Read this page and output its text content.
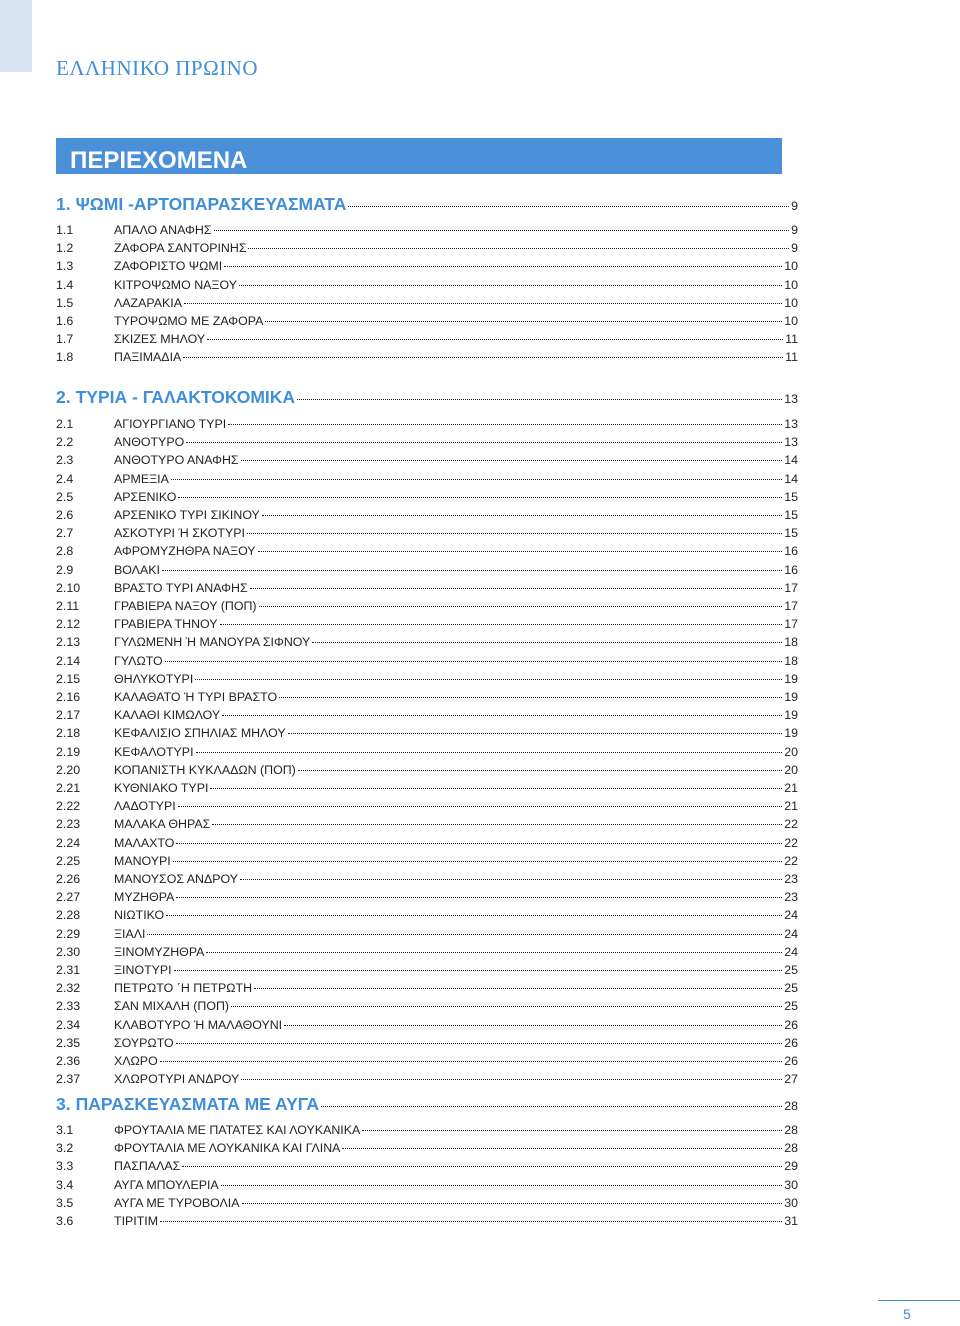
ΕΛΛΗΝΙΚΟ ΠΡΩΙΝΟ
ΠΕΡΙΕΧΟΜΕΝΑ
1. ΨΩΜΙ -ΑΡΤΟΠΑΡΑΣΚΕΥΑΣΜΑΤΑ	9
1.1	ΑΠΑΛΟ ΑΝΑΦΗΣ	9
1.2	ΖΑΦΟΡΑ ΣΑΝΤΟΡΙΝΗΣ	9
1.3	ΖΑΦΟΡΙΣΤΟ ΨΩΜΙ	10
1.4	ΚΙΤΡΟΨΩΜΟ ΝΑΞΟΥ	10
1.5	ΛΑΖΑΡΑΚΙΑ	10
1.6	ΤΥΡΟΨΩΜΟ ΜΕ ΖΑΦΟΡΑ	10
1.7	ΣΚΙΖΕΣ ΜΗΛΟΥ	11
1.8	ΠΑΞΙΜΑΔΙΑ	11
2. ΤΥΡΙΑ - ΓΑΛΑΚΤΟΚΟΜΙΚΑ	13
2.1	ΑΓΙΟΥΡΓΙΑΝΟ ΤΥΡΙ	13
2.2	ΑΝΘΟΤΥΡΟ	13
2.3	ΑΝΘΟΤΥΡΟ ΑΝΑΦΗΣ	14
2.4	ΑΡΜΕΞΙΑ	14
2.5	ΑΡΣΕΝΙΚΟ	15
2.6	ΑΡΣΕΝΙΚΟ ΤΥΡΙ ΣΙΚΙΝΟΥ	15
2.7	ΑΣΚΟΤΥΡΙ Ή ΣΚΟΤΥΡΙ	15
2.8	ΑΦΡΟΜΥΖΗΘΡΑ ΝΑΞΟΥ	16
2.9	ΒΟΛΑΚΙ	16
2.10	ΒΡΑΣΤΟ ΤΥΡΙ ΑΝΑΦΗΣ	17
2.11	ΓΡΑΒΙΕΡΑ ΝΑΞΟΥ (ΠΟΠ)	17
2.12	ΓΡΑΒΙΕΡΑ ΤΗΝΟΥ	17
2.13	ΓΥΛΩΜΕΝΗ Ή ΜΑΝΟΥΡΑ ΣΙΦΝΟΥ	18
2.14	ΓΥΛΩΤΟ	18
2.15	ΘΗΛΥΚΟΤΥΡΙ	19
2.16	ΚΑΛΑΘΑΤΟ Ή ΤΥΡΙ ΒΡΑΣΤΟ	19
2.17	ΚΑΛΑΘΙ ΚΙΜΩΛΟΥ	19
2.18	ΚΕΦΑΛΙΣΙΟ ΣΠΗΛΙΑΣ ΜΗΛΟΥ	19
2.19	ΚΕΦΑΛΟΤΥΡΙ	20
2.20	ΚΟΠΑΝΙΣΤΗ ΚΥΚΛΑΔΩΝ (ΠΟΠ)	20
2.21	ΚΥΘΝΙΑΚΟ ΤΥΡΙ	21
2.22	ΛΑΔΟΤΥΡΙ	21
2.23	ΜΑΛΑΚΑ ΘΗΡΑΣ	22
2.24	ΜΑΛΑΧΤΟ	22
2.25	ΜΑΝΟΥΡΙ	22
2.26	ΜΑΝΟΥΣΟΣ ΑΝΔΡΟΥ	23
2.27	ΜΥΖΗΘΡΑ	23
2.28	ΝΙΩΤΙΚΟ	24
2.29	ΞΙΑΛΙ	24
2.30	ΞΙΝΟΜΥΖΗΘΡΑ	24
2.31	ΞΙΝΟΤΥΡΙ	25
2.32	ΠΕΤΡΩΤΟ ΄Η ΠΕΤΡΩΤΗ	25
2.33	ΣΑΝ ΜΙΧΑΛΗ (ΠΟΠ)	25
2.34	ΚΛΑΒΟΤΥΡΟ Ή ΜΑΛΑΘΟΥΝΙ	26
2.35	ΣΟΥΡΩΤΟ	26
2.36	ΧΛΩΡΟ	26
2.37	ΧΛΩΡΟΤΥΡΙ ΑΝΔΡΟΥ	27
3. ΠΑΡΑΣΚΕΥΑΣΜΑΤΑ ΜΕ ΑΥΓΑ	28
3.1	ΦΡΟΥΤΑΛΙΑ ΜΕ ΠΑΤΑΤΕΣ ΚΑΙ ΛΟΥΚΑΝΙΚΑ	28
3.2	ΦΡΟΥΤΑΛΙΑ ΜΕ ΛΟΥΚΑΝΙΚΑ ΚΑΙ ΓΛΙΝΑ	28
3.3	ΠΑΣΠΑΛΑΣ	29
3.4	ΑΥΓΑ ΜΠΟΥΛΕΡΙΑ	30
3.5	ΑΥΓΑ ΜΕ ΤΥΡΟΒΟΛΙΑ	30
3.6	ΤΙΡΙΤΙΜ	31
5
